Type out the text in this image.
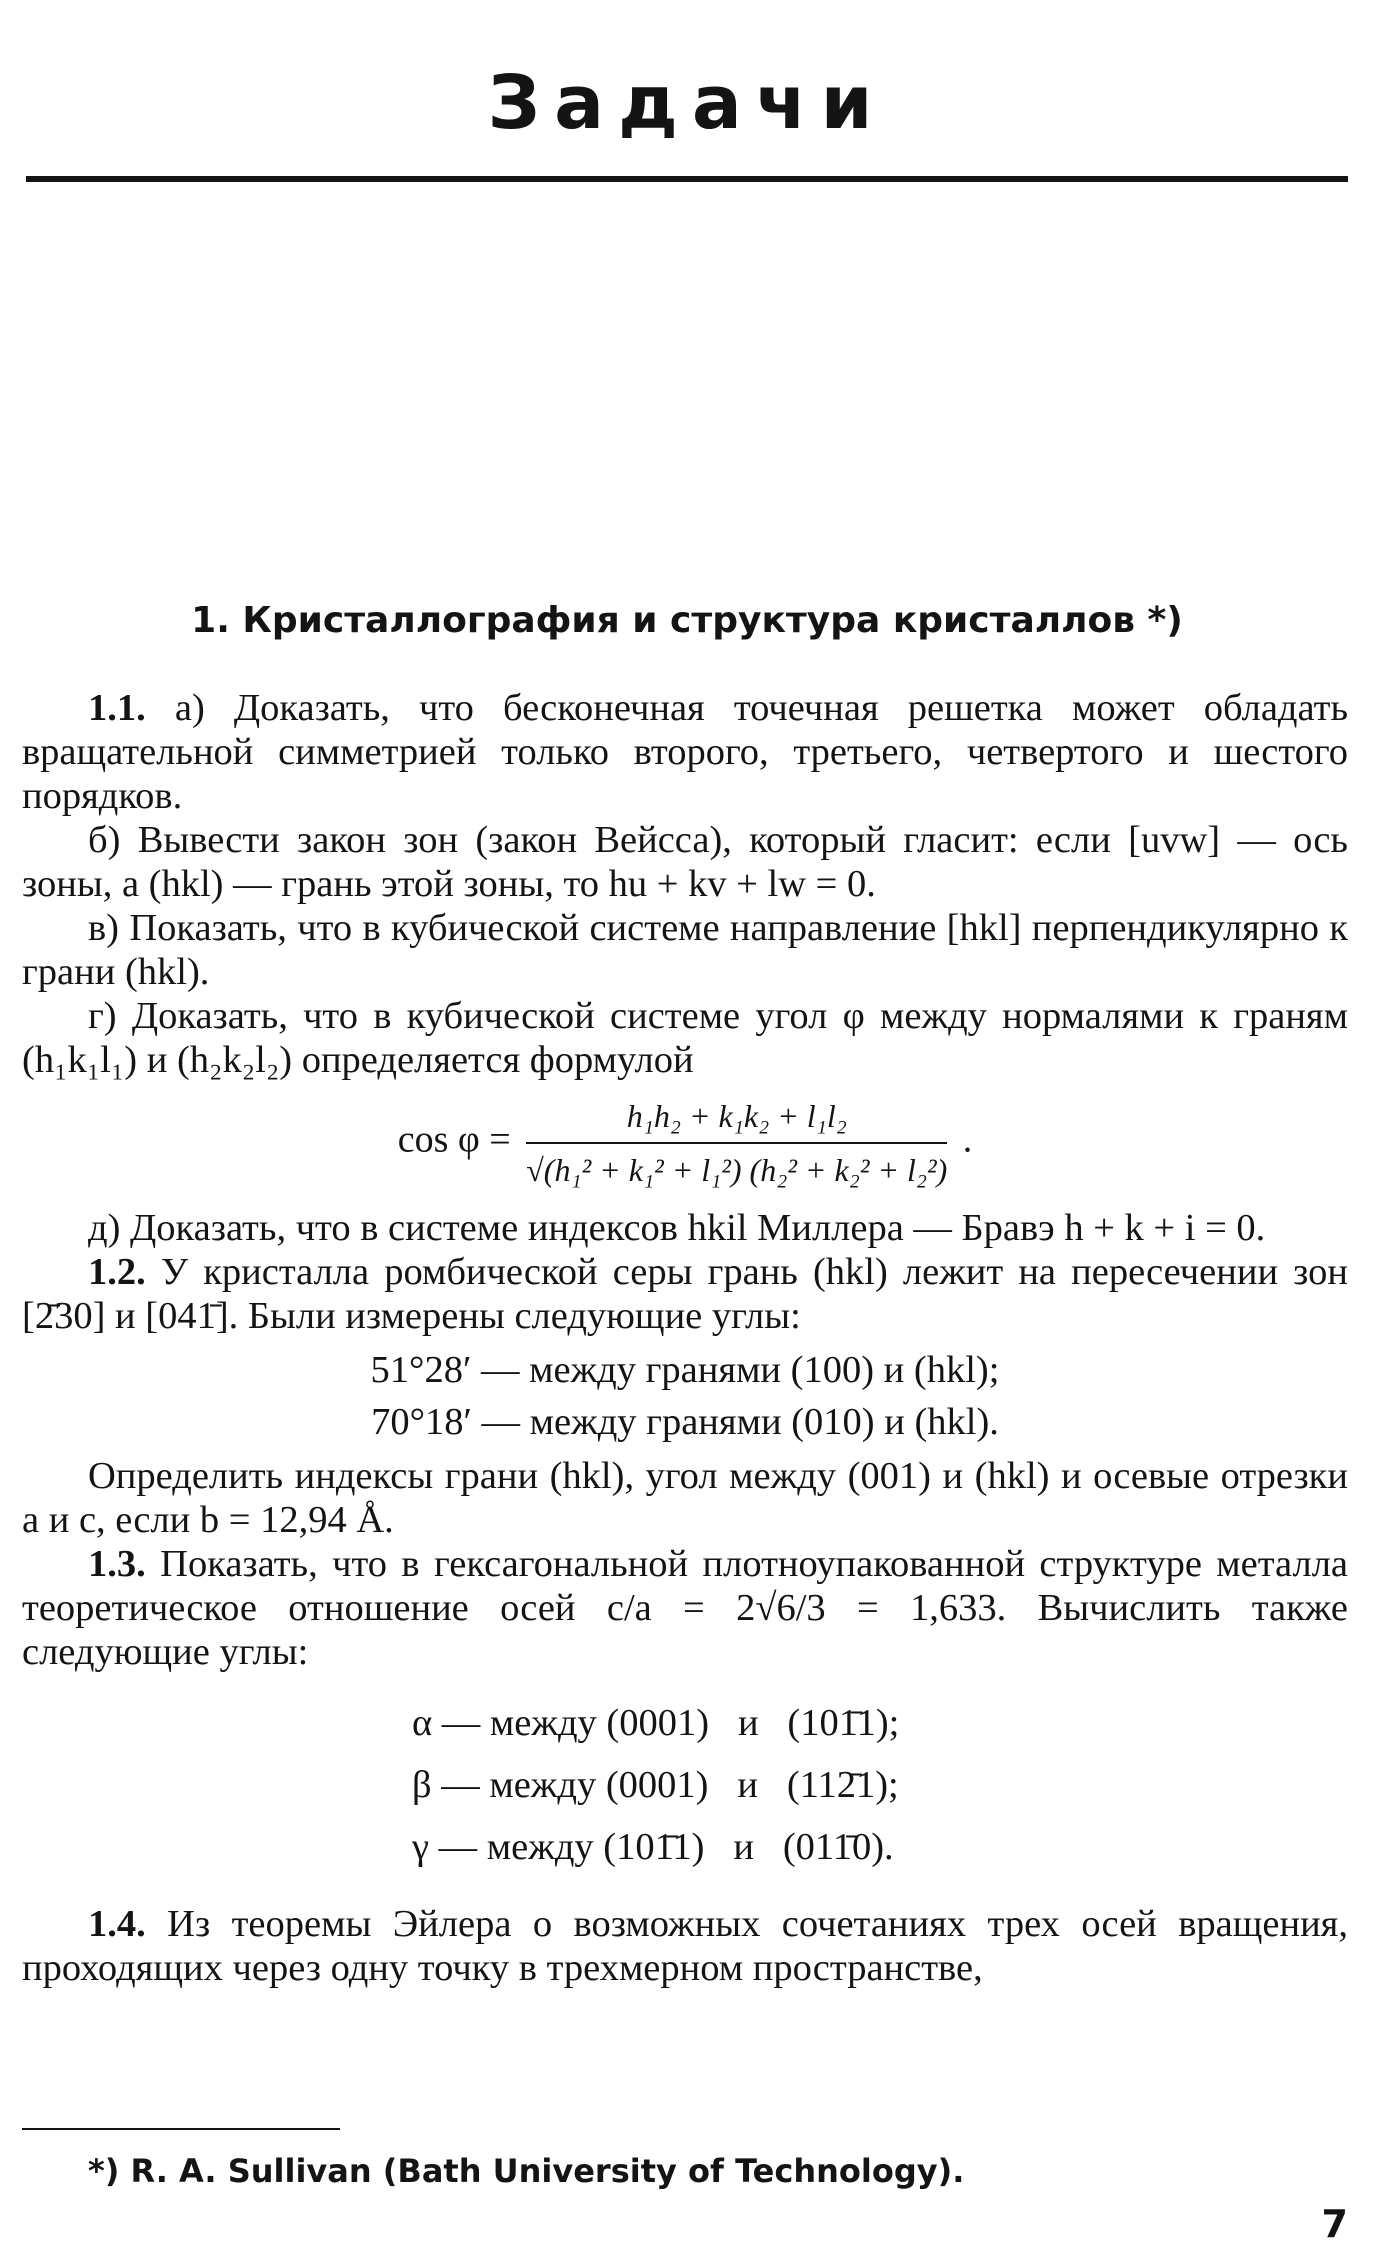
Задачи
1. Кристаллография и структура кристаллов *)

1.1. а) Доказать, что бесконечная точечная решетка может обладать вращательной симметрией только второго, третьего, четвертого и шестого порядков.

б) Вывести закон зон (закон Вейсса), который гласит: если [uvw] — ось зоны, а (hkl) — грань этой зоны, то hu + kv + lw = 0.

в) Показать, что в кубической системе направление [hkl] перпендикулярно к грани (hkl).

г) Доказать, что в кубической системе угол φ между нормалями к граням (h₁k₁l₁) и (h₂k₂l₂) определяется формулой

$\cos \varphi = \frac{\text{h₁h₂ + k₁k₂ + l₁l₂}}{\text{√(h₁² + k₁² + l₁²) (h₂² + k₂² + l₂²)}}$ .

д) Доказать, что в системе индексов hkil Миллера — Бравэ h + k + i = 0.

1.2. У кристалла ромбической серы грань (hkl) лежит на пересечении зон [2̄30] и [041̄]. Были измерены следующие углы:

51°28′ — между гранями (100) и (hkl);
70°18′ — между гранями (010) и (hkl).

Определить индексы грани (hkl), угол между (001) и (hkl) и осевые отрезки a и c, если b = 12,94 Å.

1.3. Показать, что в гексагональной плотноупакованной структуре металла теоретическое отношение осей c/a = 2√6/3 = 1,633. Вычислить также следующие углы:

α — между (0001)   и   (101̄1);
β — между (0001)   и   (112̄1);
γ — между (101̄1)   и   (011̄0).

1.4. Из теоремы Эйлера о возможных сочетаниях трех осей вращения, проходящих через одну точку в трехмерном пространстве,

*) R. A. Sullivan (Bath University of Technology).
7
